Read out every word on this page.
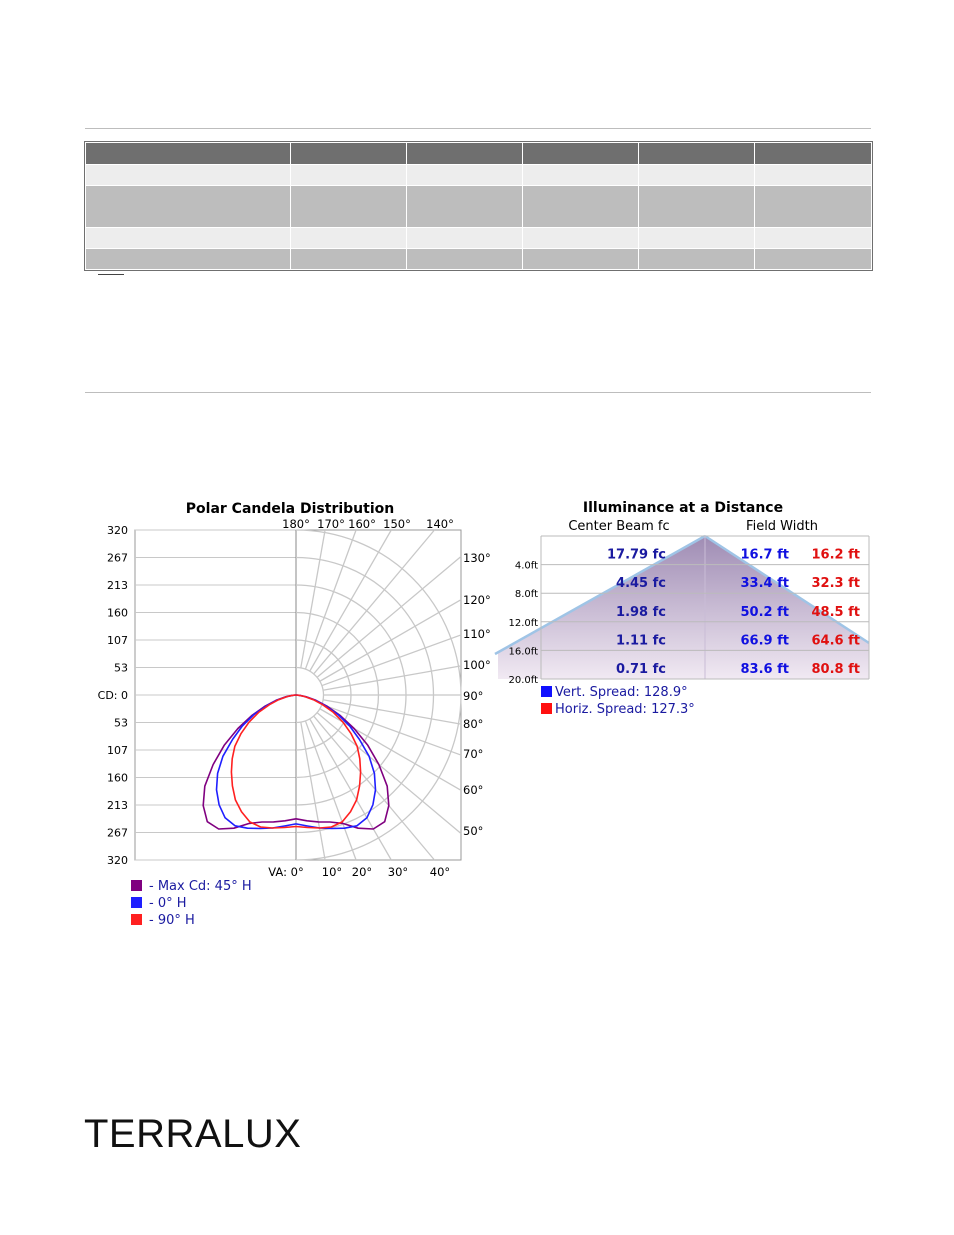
Polar Candela Distribution
320
267
213
160
107
53
CD: 0
53
107
160
213
267
320
180° 170° 160° 150° 140°
130°
120°
110°
100°
90°
80°
70°
60°
50°
VA: 0° 10° 20° 30° 40°
- Max Cd: 45° H
- 0° H
- 90° H
Illuminance at a Distance
Center Beam fc	Field Width
4.0ft
17.79 fc	16.7 ft 16.2 ft
8.0ft
4.45 fc	33.4 ft 32.3 ft
12.0ft
1.98 fc	50.2 ft 48.5 ft
16.0ft
1.11 fc	66.9 ft 64.6 ft
20.0ft
0.71 fc	83.6 ft 80.8 ft
Vert. Spread: 128.9°
Horiz. Spread: 127.3°
TERRALUX
